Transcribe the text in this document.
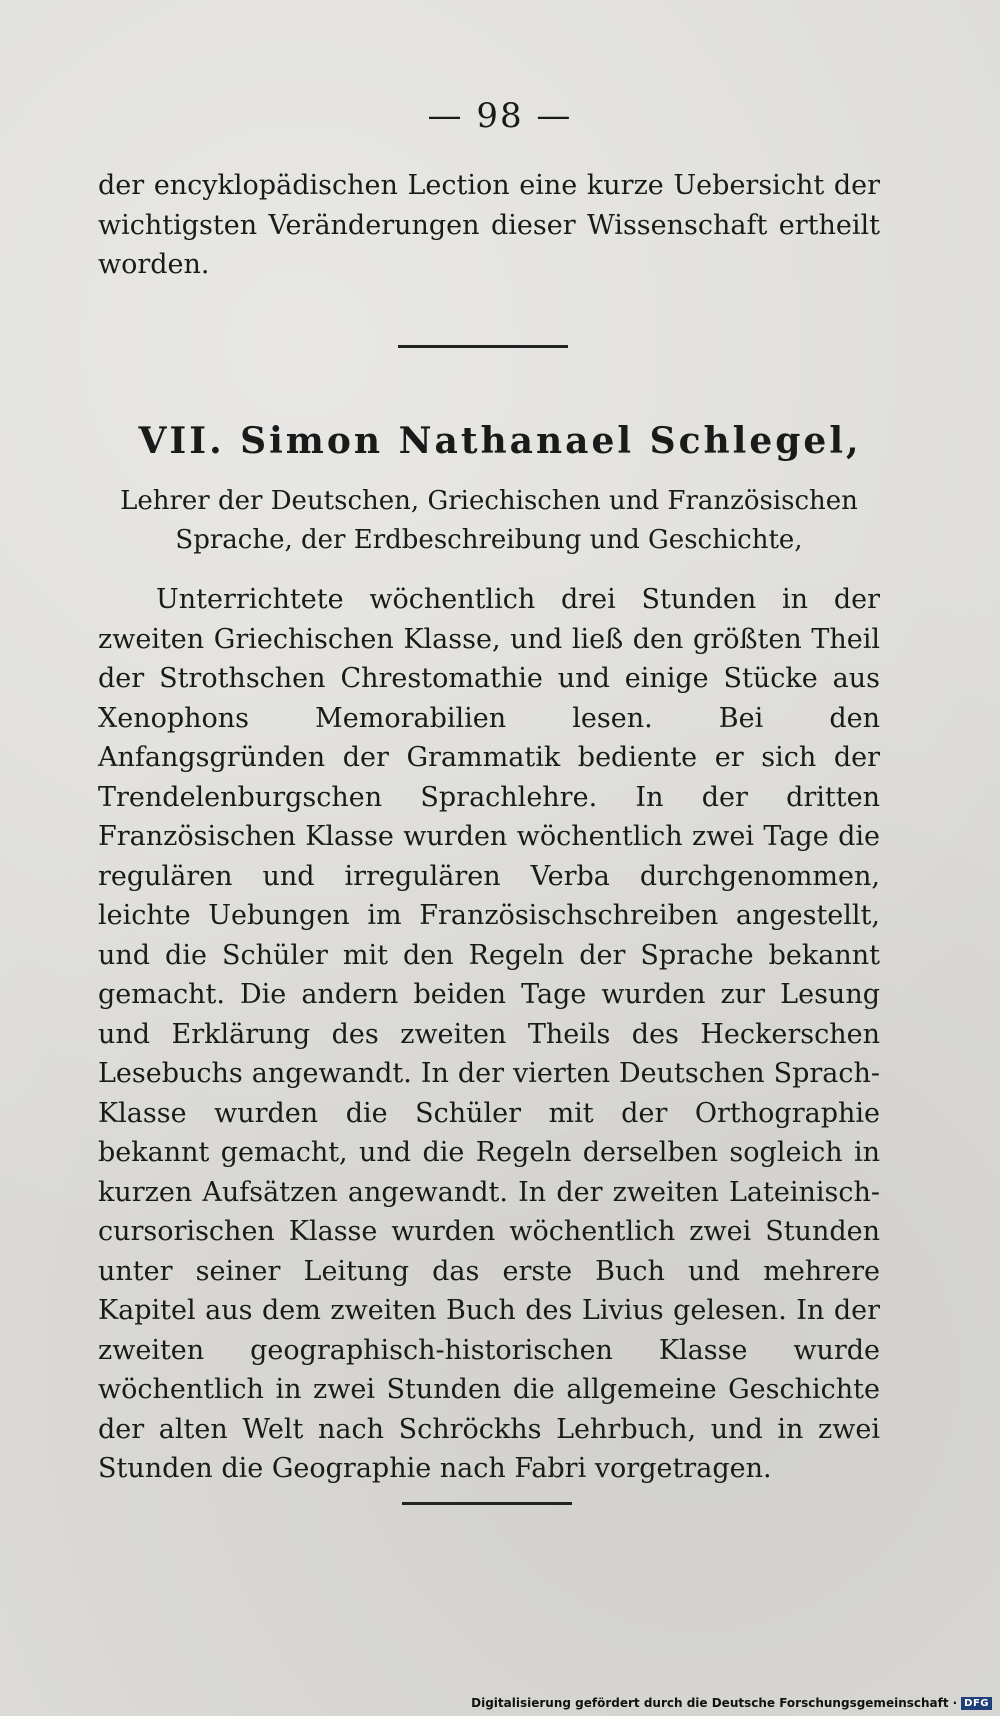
— 98 —

der encyklopädischen Lection eine kurze Uebersicht der wichtigsten Veränderungen dieser Wissenschaft ertheilt worden.

VII. Simon Nathanael Schlegel,
Lehrer der Deutschen, Griechischen und Französischen Sprache, der Erdbeschreibung und Geschichte,

Unterrichtete wöchentlich drei Stunden in der zweiten Griechischen Klasse, und ließ den größten Theil der Strothschen Chrestomathie und einige Stücke aus Xenophons Memorabilien lesen. Bei den Anfangsgründen der Grammatik bediente er sich der Trendelenburgschen Sprachlehre. In der dritten Französischen Klasse wurden wöchentlich zwei Tage die regulären und irregulären Verba durchgenommen, leichte Uebungen im Französischschreiben angestellt, und die Schüler mit den Regeln der Sprache bekannt gemacht. Die andern beiden Tage wurden zur Lesung und Erklärung des zweiten Theils des Heckerschen Lesebuchs angewandt. In der vierten Deutschen Sprach-Klasse wurden die Schüler mit der Orthographie bekannt gemacht, und die Regeln derselben sogleich in kurzen Aufsätzen angewandt. In der zweiten Lateinisch-cursorischen Klasse wurden wöchentlich zwei Stunden unter seiner Leitung das erste Buch und mehrere Kapitel aus dem zweiten Buch des Livius gelesen. In der zweiten geographisch-historischen Klasse wurde wöchentlich in zwei Stunden die allgemeine Geschichte der alten Welt nach Schröckhs Lehrbuch, und in zwei Stunden die Geographie nach Fabri vorgetragen.

Digitalisierung gefördert durch die Deutsche Forschungsgemeinschaft · DFG
